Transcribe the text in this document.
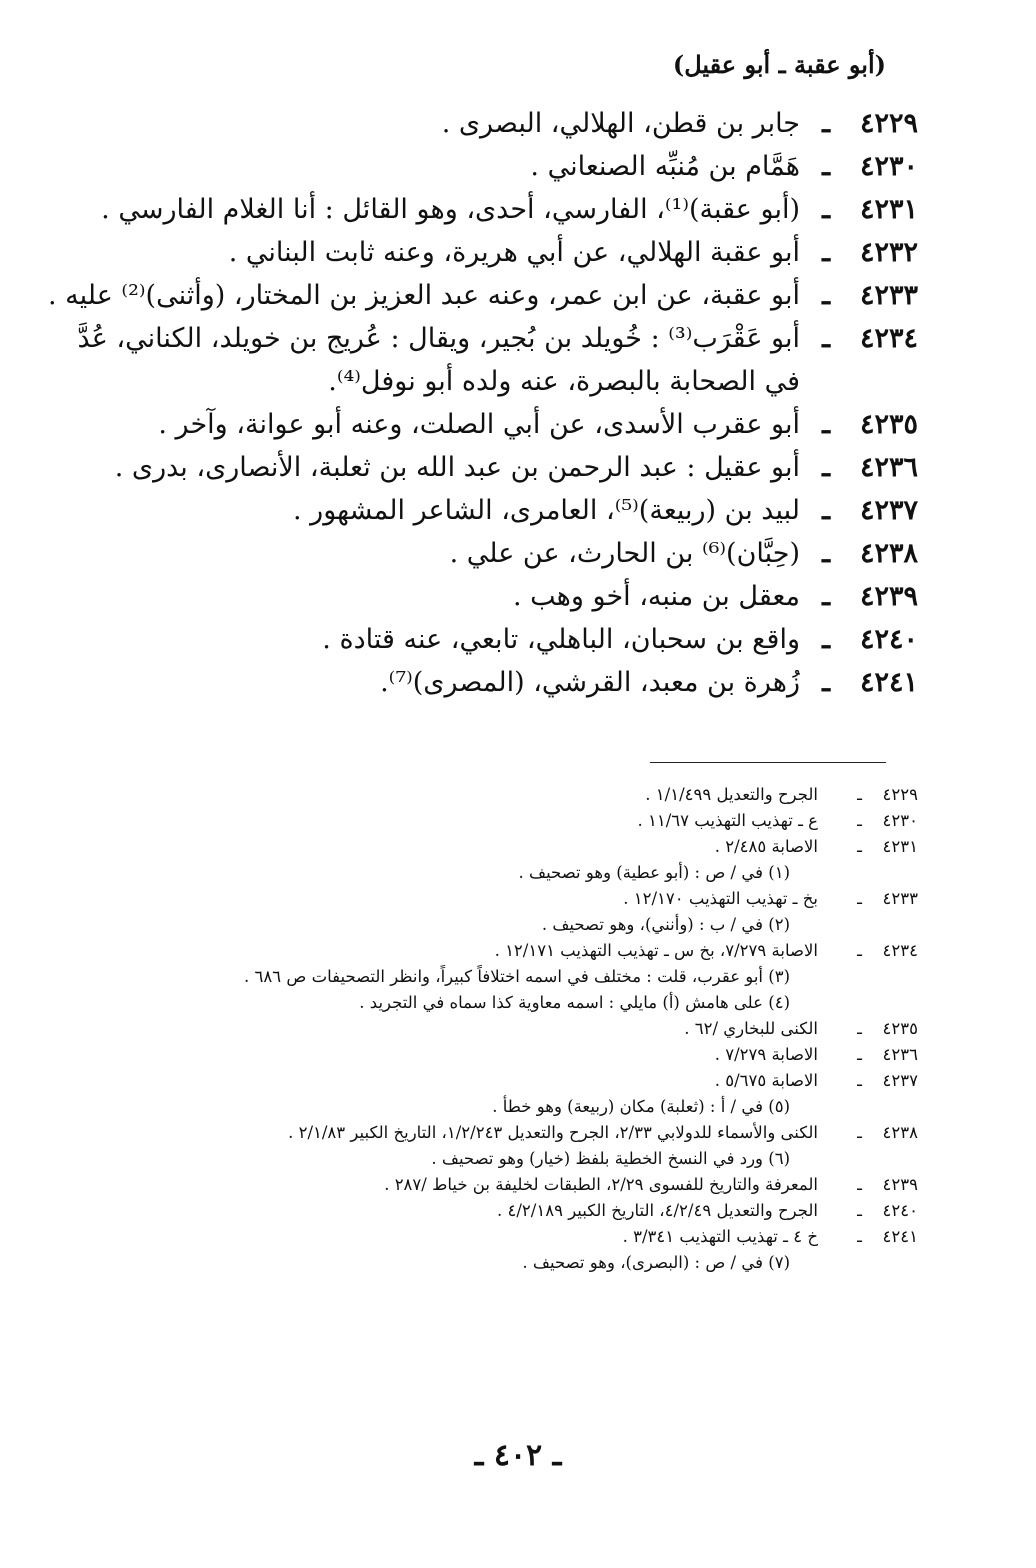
(أبو عقبة ـ أبو عقيل)
٤٢٢٩
ـ
جابر بن قطن، الهلالي، البصرى .
٤٢٣٠
ـ
هَمَّام بن مُنبِّه الصنعاني .
٤٢٣١
ـ
(أبو عقبة)⁽¹⁾، الفارسي، أحدى، وهو القائل : أنا الغلام الفارسي .
٤٢٣٢
ـ
أبو عقبة الهلالي، عن أبي هريرة، وعنه ثابت البناني .
٤٢٣٣
ـ
أبو عقبة، عن ابن عمر، وعنه عبد العزيز بن المختار، (وأثنى)⁽²⁾ عليه .
٤٢٣٤
ـ
أبو عَقْرَب⁽³⁾ : خُويلد بن بُجير، ويقال : عُريج بن خويلد، الكناني، عُدَّ
في الصحابة بالبصرة، عنه ولده أبو نوفل⁽⁴⁾.
٤٢٣٥
ـ
أبو عقرب الأسدى، عن أبي الصلت، وعنه أبو عوانة، وآخر .
٤٢٣٦
ـ
أبو عقيل : عبد الرحمن بن عبد الله بن ثعلبة، الأنصارى، بدرى .
٤٢٣٧
ـ
لبيد بن (ربيعة)⁽⁵⁾، العامرى، الشاعر المشهور .
٤٢٣٨
ـ
(حِبَّان)⁽⁶⁾ بن الحارث، عن علي .
٤٢٣٩
ـ
معقل بن منبه، أخو وهب .
٤٢٤٠
ـ
واقع بن سحبان، الباهلي، تابعي، عنه قتادة .
٤٢٤١
ـ
زُهرة بن معبد، القرشي، (المصرى)⁽⁷⁾.
٤٢٢٩
ـ
الجرح والتعديل ١/١/٤٩٩ .
٤٢٣٠
ـ
ع ـ تهذيب التهذيب ١١/٦٧ .
٤٢٣١
ـ
الاصابة ٢/٤٨٥ .
(١) في / ص : (أبو عطية) وهو تصحيف .
٤٢٣٣
ـ
بخ ـ تهذيب التهذيب ١٢/١٧٠ .
(٢) في / ب : (وأنني)، وهو تصحيف .
٤٢٣٤
ـ
الاصابة ٧/٢٧٩، بخ س ـ تهذيب التهذيب ١٢/١٧١ .
(٣) أبو عقرب، قلت : مختلف في اسمه اختلافاً كبيراً، وانظر التصحيفات ص ٦٨٦ .
(٤) على هامش (أ) مايلي : اسمه معاوية كذا سماه في التجريد .
٤٢٣٥
ـ
الكنى للبخاري /٦٢ .
٤٢٣٦
ـ
الاصابة ٧/٢٧٩ .
٤٢٣٧
ـ
الاصابة ٥/٦٧٥ .
(٥) في / أ : (ثعلبة) مكان (ربيعة) وهو خطأ .
٤٢٣٨
ـ
الكنى والأسماء للدولابي ٢/٣٣، الجرح والتعديل ١/٢/٢٤٣، التاريخ الكبير ٢/١/٨٣ .
(٦) ورد في النسخ الخطية بلفظ (خيار) وهو تصحيف .
٤٢٣٩
ـ
المعرفة والتاريخ للفسوى ٢/٢٩، الطبقات لخليفة بن خياط /٢٨٧ .
٤٢٤٠
ـ
الجرح والتعديل ٤/٢/٤٩، التاريخ الكبير ٤/٢/١٨٩ .
٤٢٤١
ـ
خ ٤ ـ تهذيب التهذيب ٣/٣٤١ .
(٧) في / ص : (البصرى)، وهو تصحيف .
ـ ٤٠٢ ـ
